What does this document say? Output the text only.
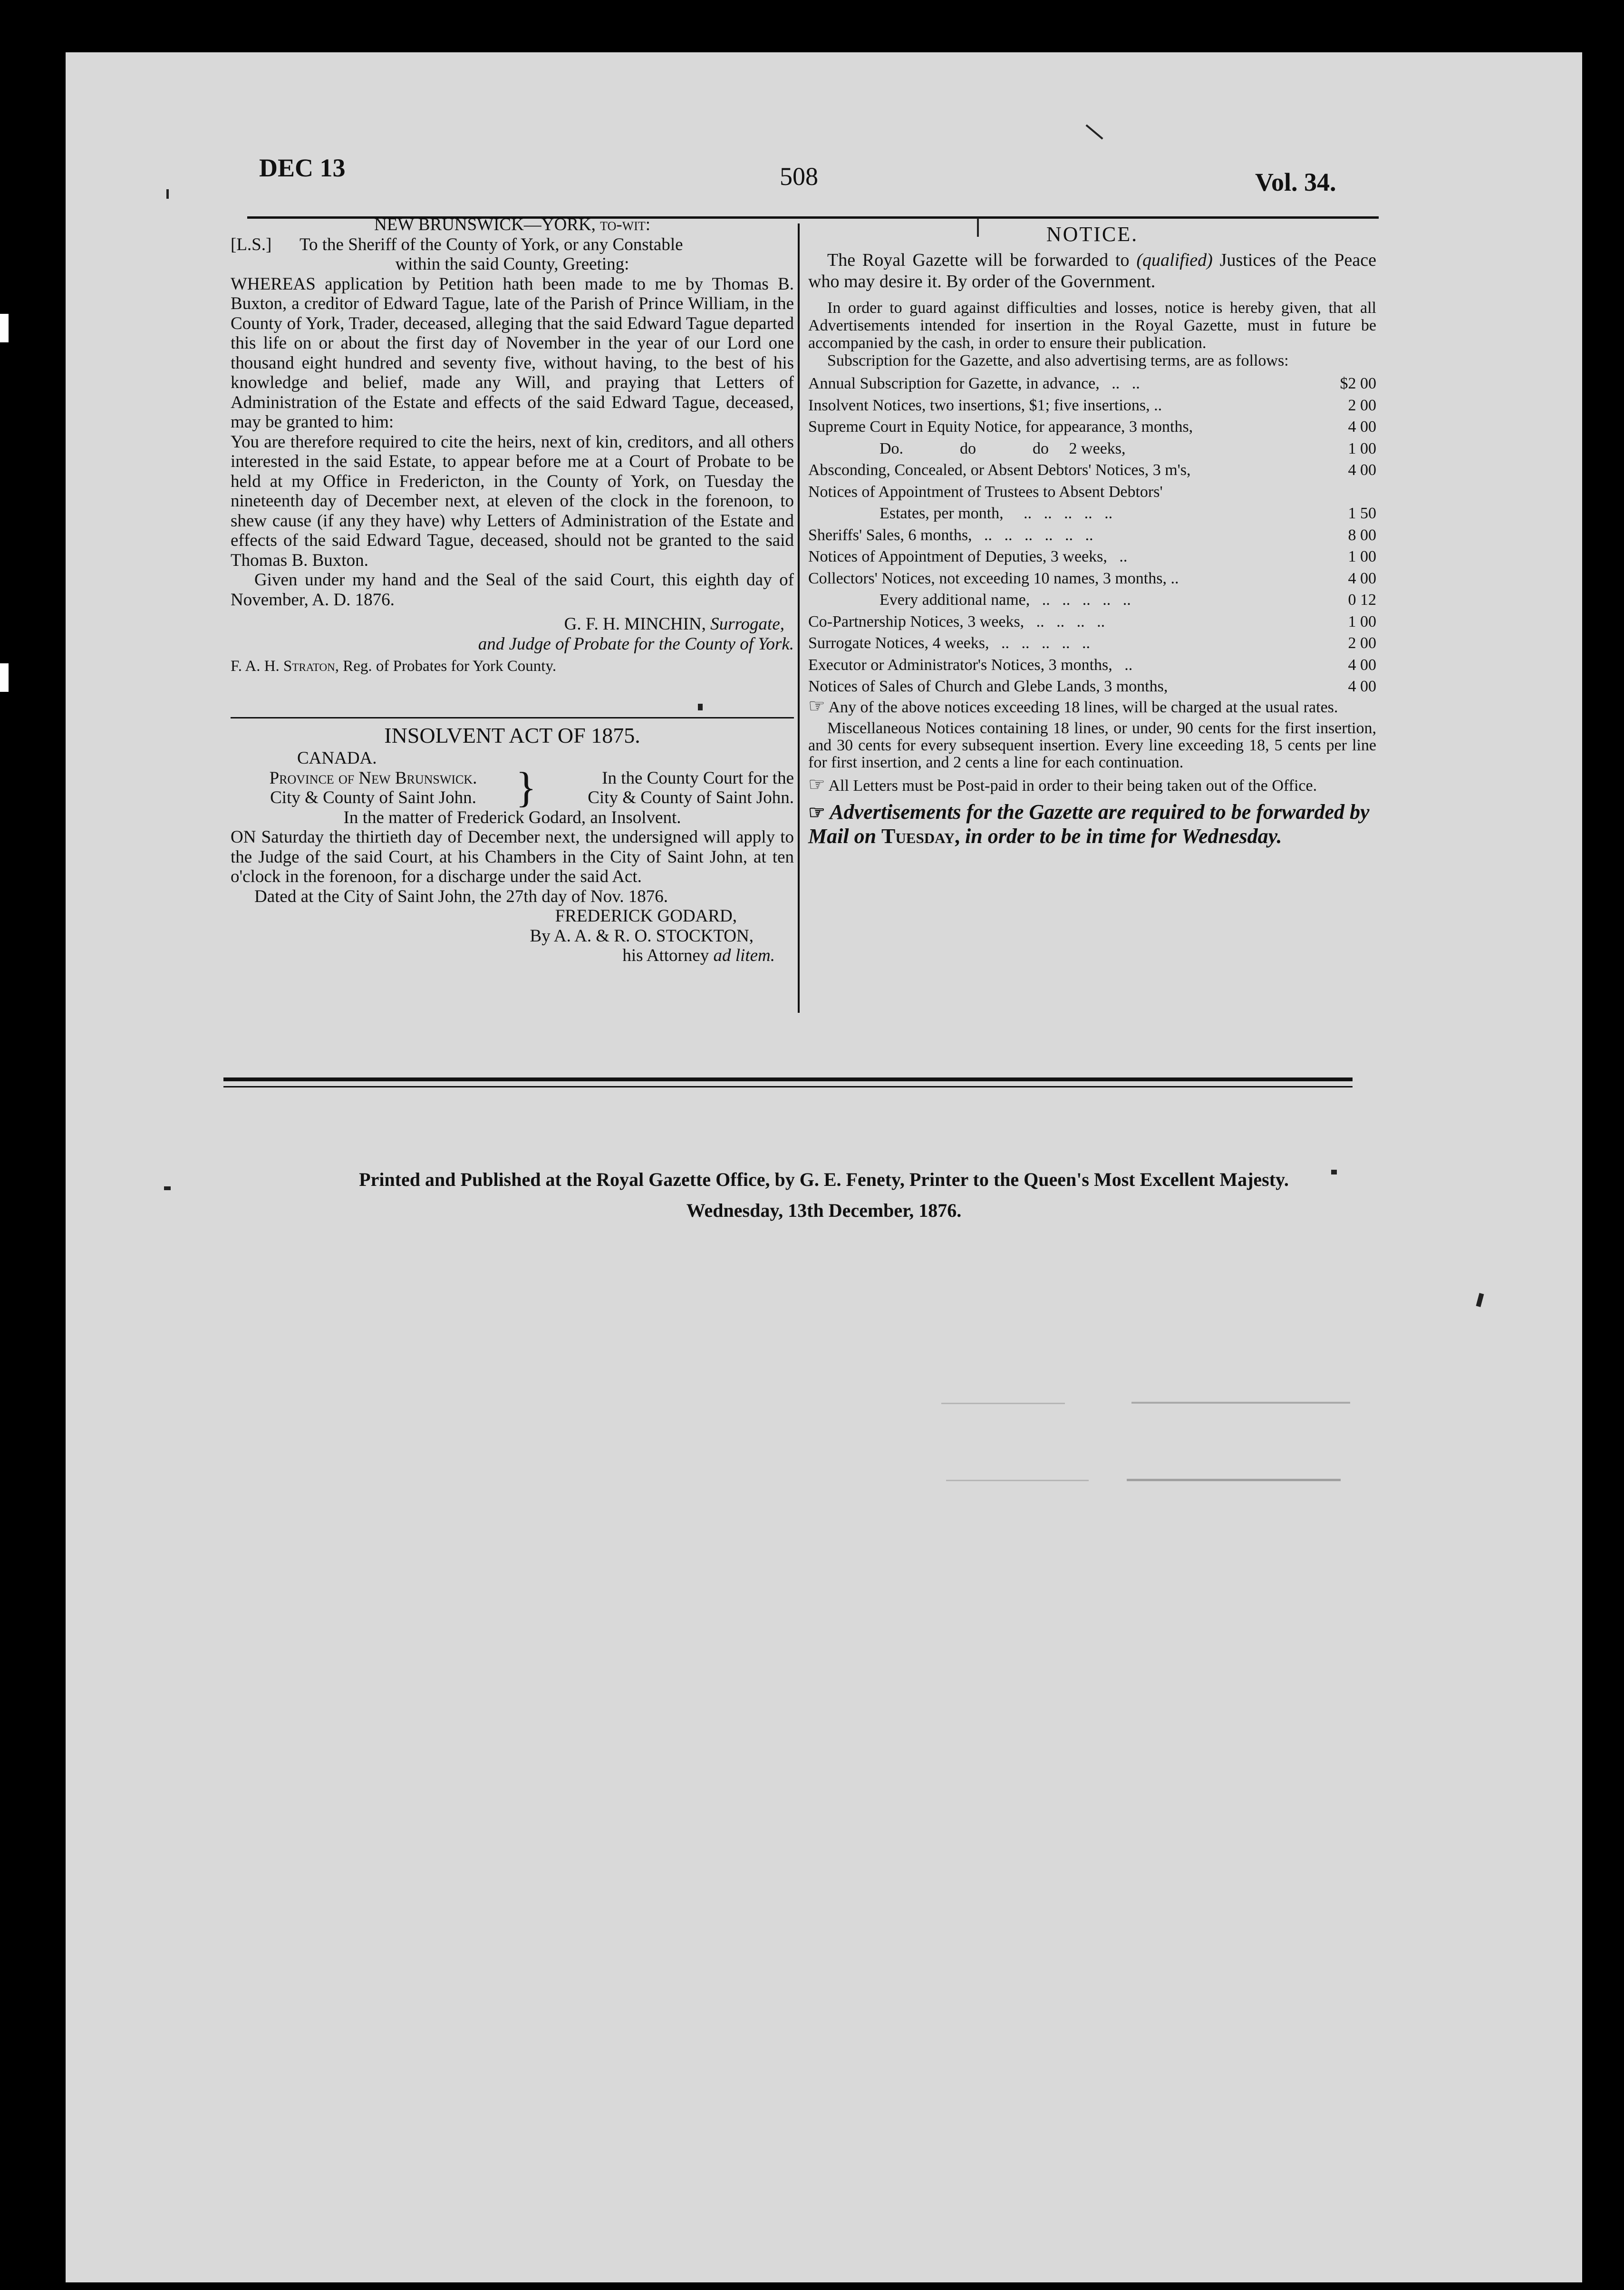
DEC 13	508	Vol. 34.
NEW BRUNSWICK—YORK, to-wit:
[L.S.]	To the Sheriff of the County of York, or any Constable
within the said County, Greeting:
WHEREAS application by Petition hath been made to me by Thomas B. Buxton, a creditor of Edward Tague, late of the Parish of Prince William, in the County of York, Trader, deceased, alleging that the said Edward Tague departed this life on or about the first day of November in the year of our Lord one thousand eight hundred and seventy five, without having, to the best of his knowledge and belief, made any Will, and praying that Letters of Administration of the Estate and effects of the said Edward Tague, deceased, may be granted to him:
You are therefore required to cite the heirs, next of kin, creditors, and all others interested in the said Estate, to appear before me at a Court of Probate to be held at my Office in Fredericton, in the County of York, on Tuesday the nineteenth day of December next, at eleven of the clock in the forenoon, to shew cause (if any they have) why Letters of Administration of the Estate and effects of the said Edward Tague, deceased, should not be granted to the said Thomas B. Buxton.
Given under my hand and the Seal of the said Court, this eighth day of November, A. D. 1876.
G. F. H. MINCHIN, Surrogate,
and Judge of Probate for the County of York.
F. A. H. Straton, Reg. of Probates for York County.
INSOLVENT ACT OF 1875.
CANADA.
Province of New Brunswick.
City & County of Saint John. }	In the County Court for the
City & County of Saint John.
In the matter of Frederick Godard, an Insolvent.
ON Saturday the thirtieth day of December next, the undersigned will apply to the Judge of the said Court, at his Chambers in the City of Saint John, at ten o'clock in the forenoon, for a discharge under the said Act.
Dated at the City of Saint John, the 27th day of Nov. 1876.
FREDERICK GODARD,
By A. A. & R. O. STOCKTON,
his Attorney ad litem.
NOTICE.
The Royal Gazette will be forwarded to (qualified) Justices of the Peace who may desire it. By order of the Government.
In order to guard against difficulties and losses, notice is hereby given, that all Advertisements intended for insertion in the Royal Gazette, must in future be accompanied by the cash, in order to ensure their publication.
Subscription for the Gazette, and also advertising terms, are as follows:
Annual Subscription for Gazette, in advance,   ..   ..	$2 00
Insolvent Notices, two insertions, $1; five insertions, ..	2 00
Supreme Court in Equity Notice, for appearance, 3 months,	4 00
Do.              do              do     2 weeks,	1 00
Absconding, Concealed, or Absent Debtors' Notices, 3 m's,	4 00
Notices of Appointment of Trustees to Absent Debtors'
Estates, per month,     ..   ..   ..   ..   ..	1 50
Sheriffs' Sales, 6 months,   ..   ..   ..   ..   ..   ..	8 00
Notices of Appointment of Deputies, 3 weeks,   ..	1 00
Collectors' Notices, not exceeding 10 names, 3 months, ..	4 00
Every additional name,   ..   ..   ..   ..   ..	0 12
Co-Partnership Notices, 3 weeks,   ..   ..   ..   ..	1 00
Surrogate Notices, 4 weeks,   ..   ..   ..   ..   ..	2 00
Executor or Administrator's Notices, 3 months,   ..	4 00
Notices of Sales of Church and Glebe Lands, 3 months,	4 00
☞ Any of the above notices exceeding 18 lines, will be charged at the usual rates.
Miscellaneous Notices containing 18 lines, or under, 90 cents for the first insertion, and 30 cents for every subsequent insertion. Every line exceeding 18, 5 cents per line for first insertion, and 2 cents a line for each continuation.
☞ All Letters must be Post-paid in order to their being taken out of the Office.
☞ Advertisements for the Gazette are required to be forwarded by Mail on Tuesday, in order to be in time for Wednesday.
Printed and Published at the Royal Gazette Office, by G. E. Fenety, Printer to the Queen's Most Excellent Majesty.
Wednesday, 13th December, 1876.
